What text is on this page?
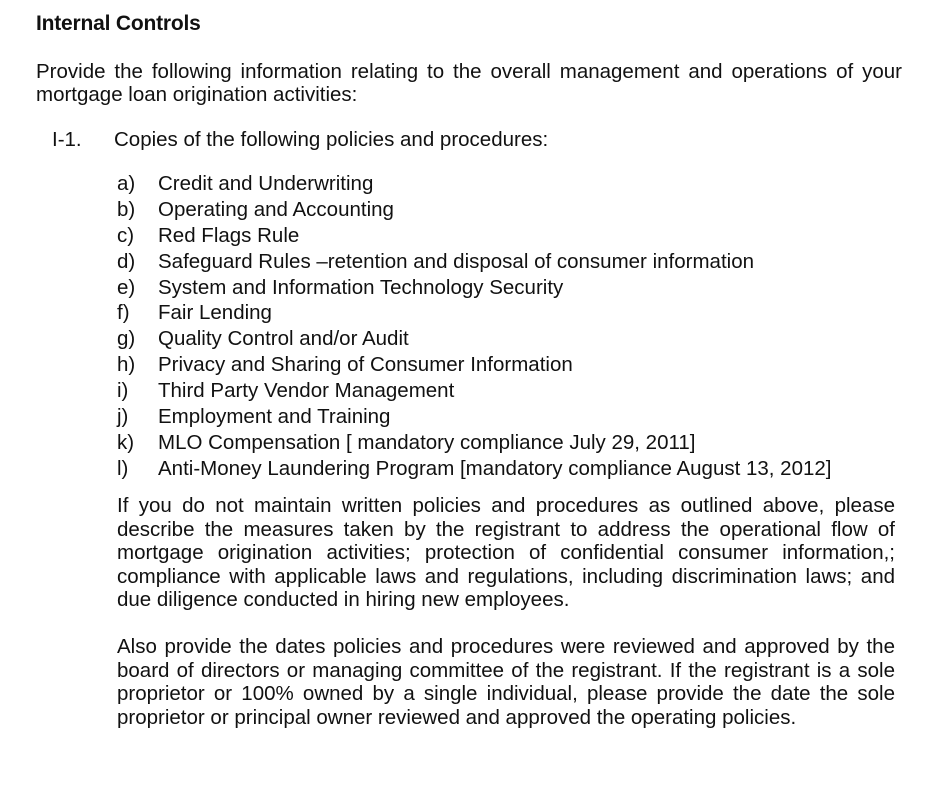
Internal Controls
Provide the following information relating to the overall management and operations of your mortgage loan origination activities:
I-1. Copies of the following policies and procedures:
a) Credit and Underwriting
b) Operating and Accounting
c) Red Flags Rule
d) Safeguard Rules –retention and disposal of consumer information
e) System and Information Technology Security
f) Fair Lending
g) Quality Control and/or Audit
h) Privacy and Sharing of Consumer Information
i) Third Party Vendor Management
j) Employment and Training
k) MLO Compensation [ mandatory compliance July 29, 2011]
l) Anti-Money Laundering Program [mandatory compliance August 13, 2012]
If you do not maintain written policies and procedures as outlined above, please describe the measures taken by the registrant to address the operational flow of mortgage origination activities; protection of confidential consumer information,; compliance with applicable laws and regulations, including discrimination laws; and due diligence conducted in hiring new employees.
Also provide the dates policies and procedures were reviewed and approved by the board of directors or managing committee of the registrant. If the registrant is a sole proprietor or 100% owned by a single individual, please provide the date the sole proprietor or principal owner reviewed and approved the operating policies.
